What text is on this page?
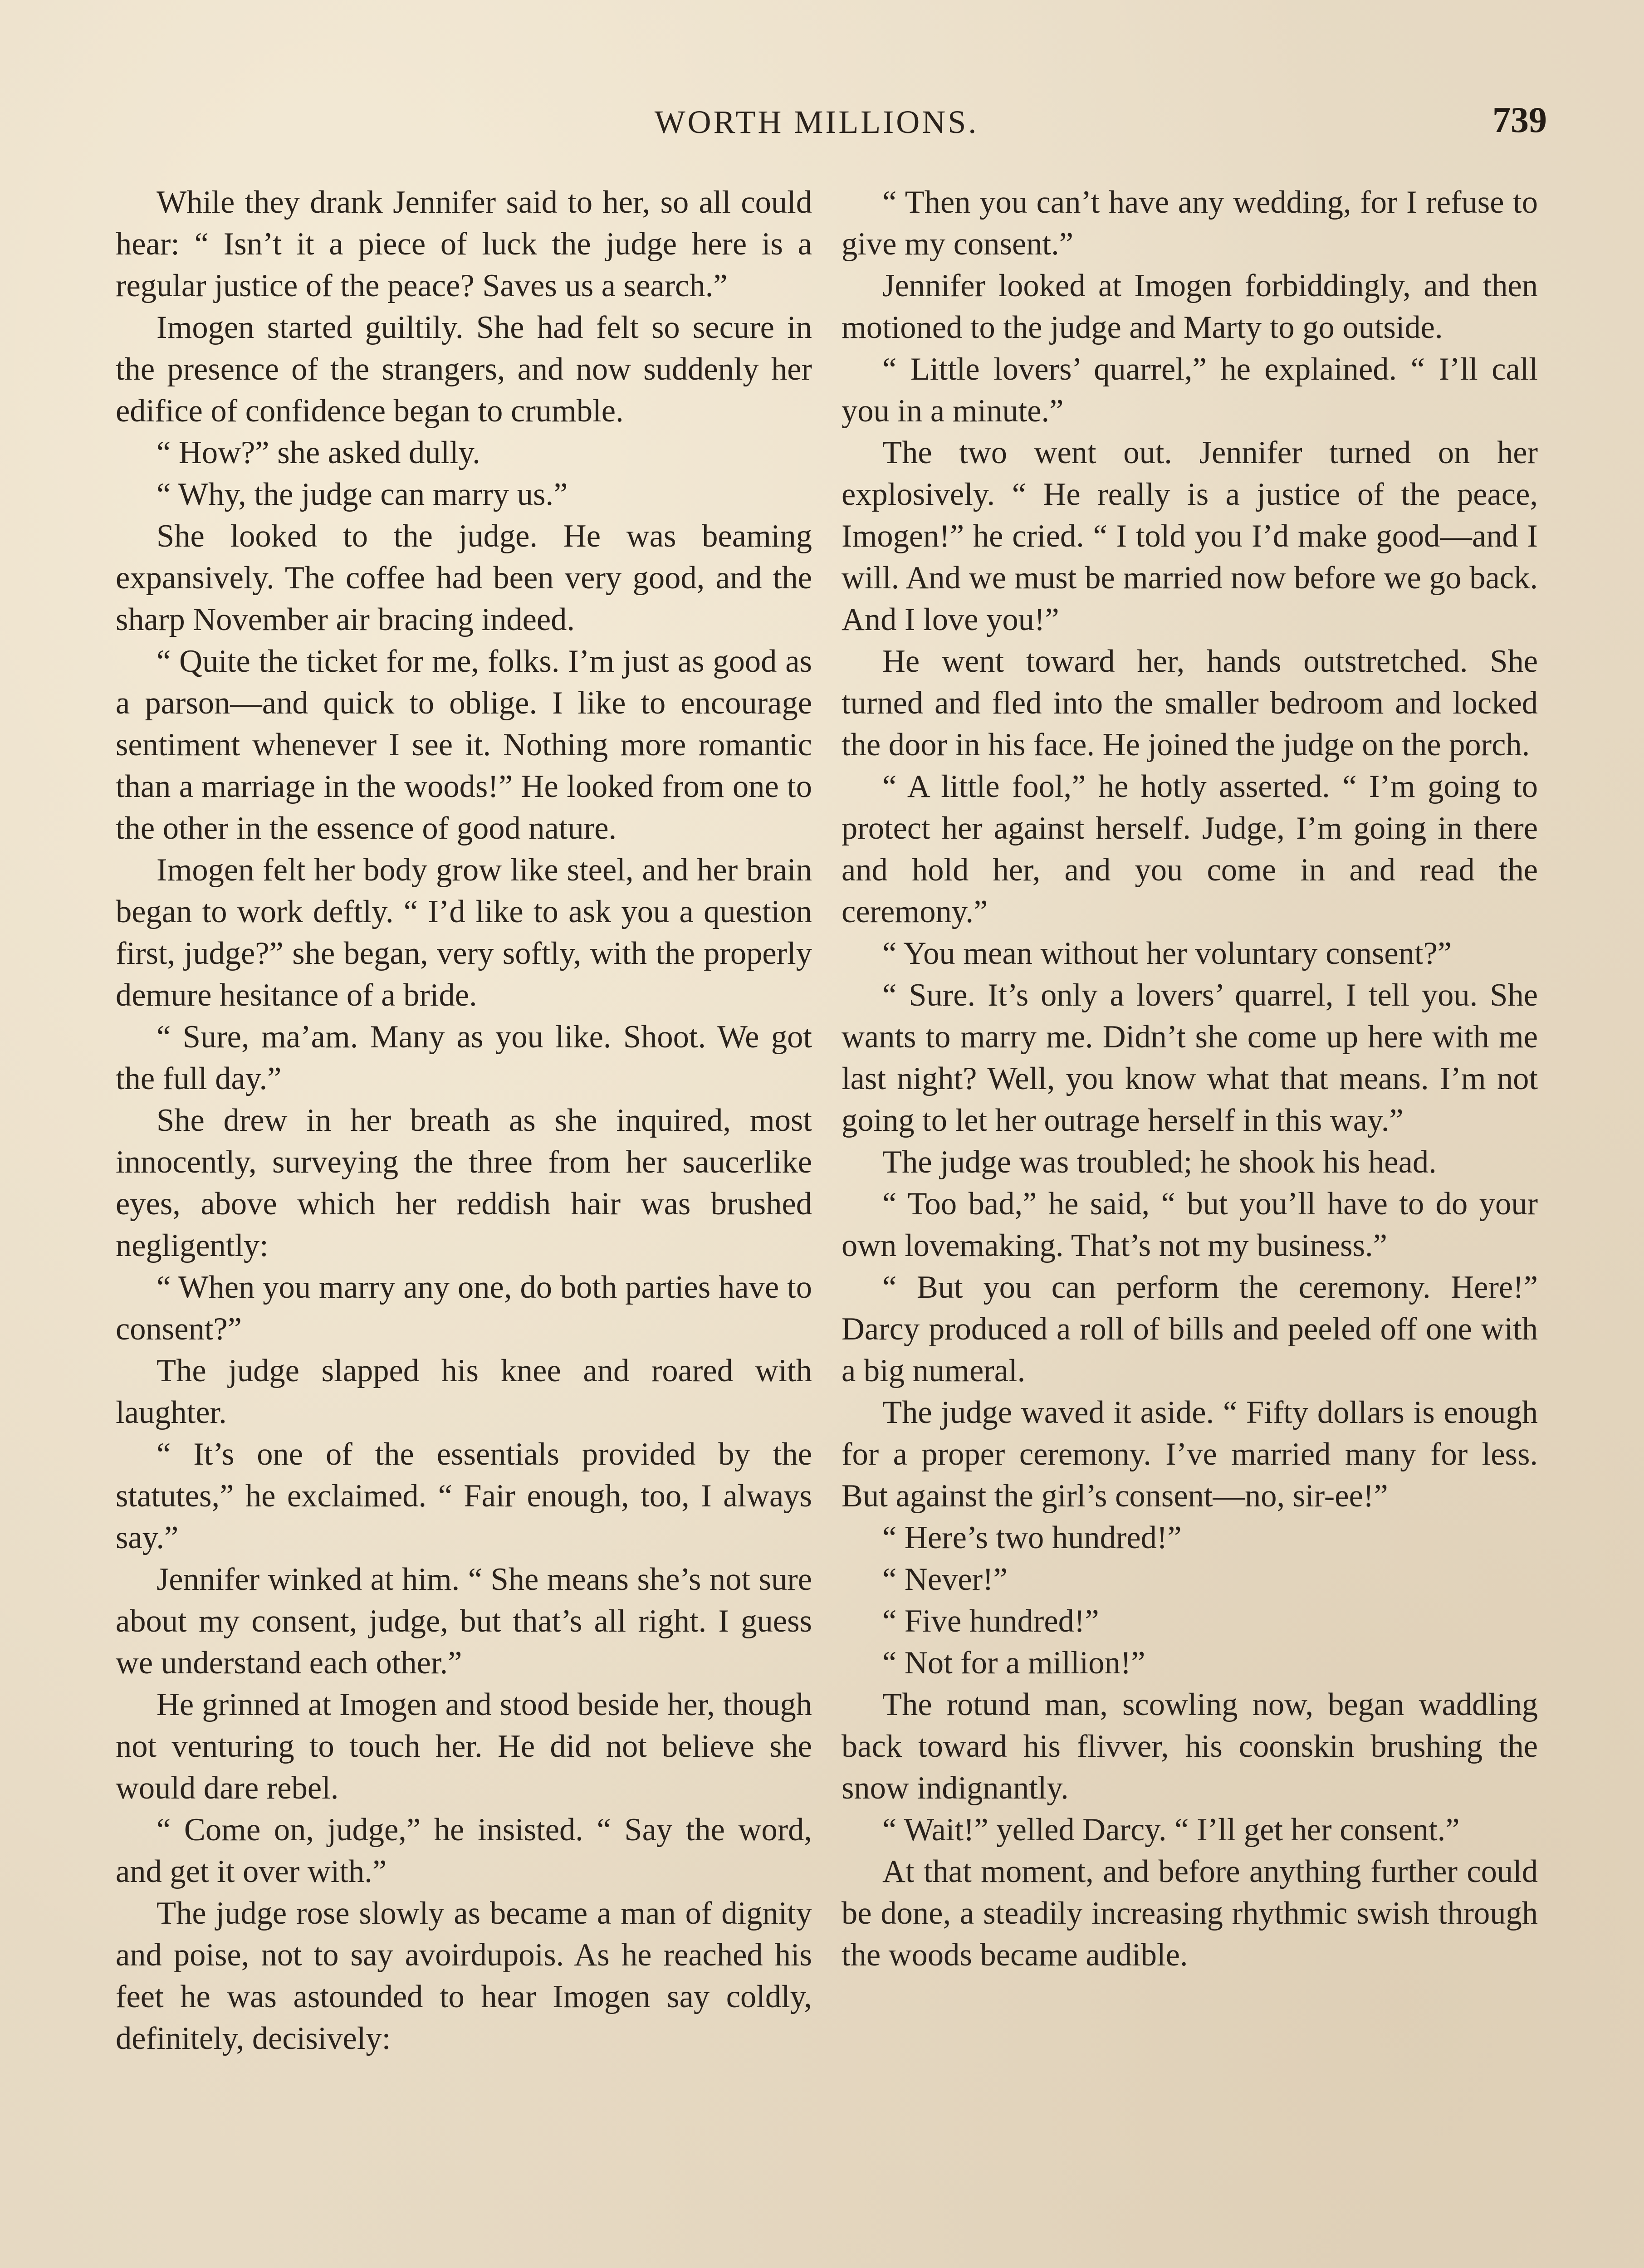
WORTH MILLIONS.	739

While they drank Jennifer said to her, so all could hear: “ Isn’t it a piece of luck the judge here is a regular justice of the peace? Saves us a search.”

Imogen started guiltily. She had felt so secure in the presence of the strangers, and now suddenly her edifice of confidence began to crumble.

“ How?” she asked dully.

“ Why, the judge can marry us.”

She looked to the judge. He was beaming expansively. The coffee had been very good, and the sharp November air bracing indeed.

“ Quite the ticket for me, folks. I’m just as good as a parson—and quick to oblige. I like to encourage sentiment whenever I see it. Nothing more romantic than a marriage in the woods!” He looked from one to the other in the essence of good nature.

Imogen felt her body grow like steel, and her brain began to work deftly. “ I’d like to ask you a question first, judge?” she began, very softly, with the properly demure hesitance of a bride.

“ Sure, ma’am. Many as you like. Shoot. We got the full day.”

She drew in her breath as she inquired, most innocently, surveying the three from her saucerlike eyes, above which her reddish hair was brushed negligently:

“ When you marry any one, do both parties have to consent?”

The judge slapped his knee and roared with laughter.

“ It’s one of the essentials provided by the statutes,” he exclaimed. “ Fair enough, too, I always say.”

Jennifer winked at him. “ She means she’s not sure about my consent, judge, but that’s all right. I guess we understand each other.”

He grinned at Imogen and stood beside her, though not venturing to touch her. He did not believe she would dare rebel.

“ Come on, judge,” he insisted. “ Say the word, and get it over with.”

The judge rose slowly as became a man of dignity and poise, not to say avoirdupois. As he reached his feet he was astounded to hear Imogen say coldly, definitely, decisively:

“ Then you can’t have any wedding, for I refuse to give my consent.”

Jennifer looked at Imogen forbiddingly, and then motioned to the judge and Marty to go outside.

“ Little lovers’ quarrel,” he explained. “ I’ll call you in a minute.”

The two went out. Jennifer turned on her explosively. “ He really is a justice of the peace, Imogen!” he cried. “ I told you I’d make good—and I will. And we must be married now before we go back. And I love you!”

He went toward her, hands outstretched. She turned and fled into the smaller bedroom and locked the door in his face. He joined the judge on the porch.

“ A little fool,” he hotly asserted. “ I’m going to protect her against herself. Judge, I’m going in there and hold her, and you come in and read the ceremony.”

“ You mean without her voluntary consent?”

“ Sure. It’s only a lovers’ quarrel, I tell you. She wants to marry me. Didn’t she come up here with me last night? Well, you know what that means. I’m not going to let her outrage herself in this way.”

The judge was troubled; he shook his head.

“ Too bad,” he said, “ but you’ll have to do your own lovemaking. That’s not my business.”

“ But you can perform the ceremony. Here!” Darcy produced a roll of bills and peeled off one with a big numeral.

The judge waved it aside. “ Fifty dollars is enough for a proper ceremony. I’ve married many for less. But against the girl’s consent—no, sir-ee!”

“ Here’s two hundred!”

“ Never!”

“ Five hundred!”

“ Not for a million!”

The rotund man, scowling now, began waddling back toward his flivver, his coonskin brushing the snow indignantly.

“ Wait!” yelled Darcy. “ I’ll get her consent.”

At that moment, and before anything further could be done, a steadily increasing rhythmic swish through the woods became audible.
